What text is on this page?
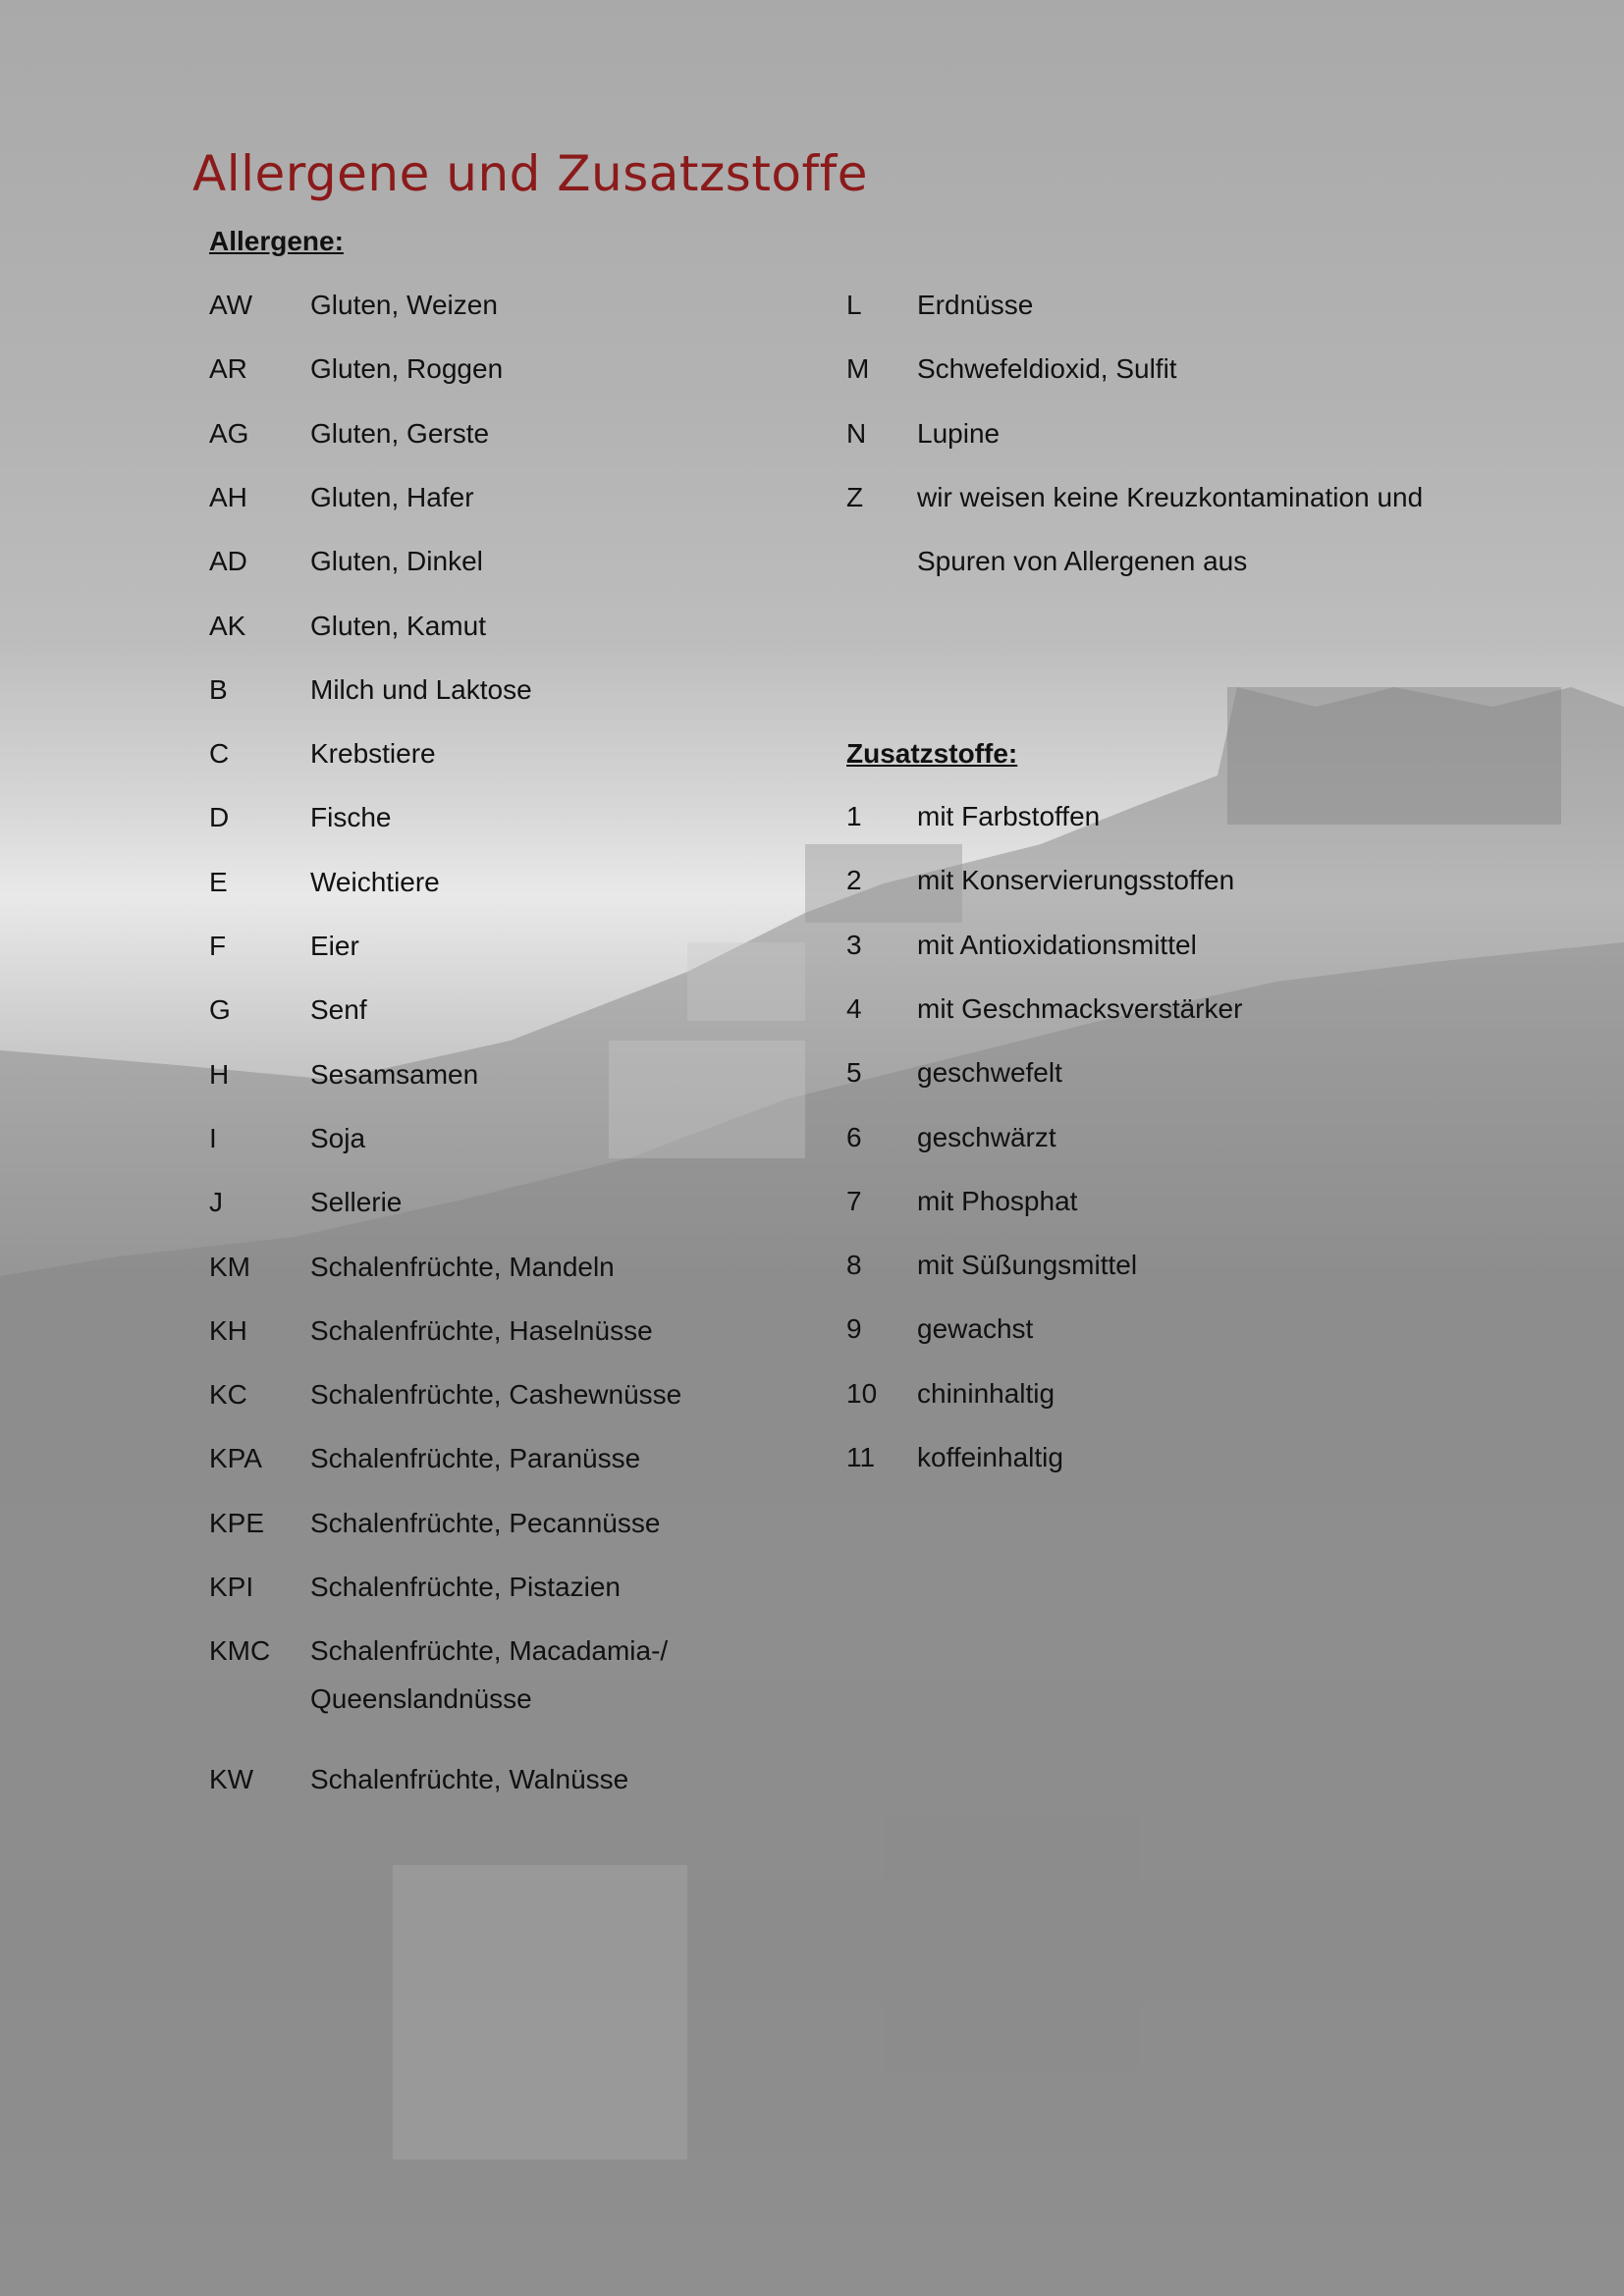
Allergene und Zusatzstoffe
Allergene:
AW Gluten, Weizen
AR Gluten, Roggen
AG Gluten, Gerste
AH Gluten, Hafer
AD Gluten, Dinkel
AK Gluten, Kamut
B	Milch und Laktose
C	Krebstiere
D	Fische
E	Weichtiere
F	Eier
G	Senf
H	Sesamsamen
I	Soja
J	Sellerie
KM Schalenfrüchte, Mandeln
KH Schalenfrüchte, Haselnüsse
KC Schalenfrüchte, Cashewnüsse
KPA Schalenfrüchte, Paranüsse
KPE Schalenfrüchte, Pecannüsse
KPI Schalenfrüchte, Pistazien
KMC Schalenfrüchte, Macadamia-/
Queenslandnüsse
KW Schalenfrüchte, Walnüsse
L Erdnüsse
M Schwefeldioxid, Sulfit
N Lupine
Z wir weisen keine Kreuzkontamination und
Spuren von Allergenen aus
Zusatzstoffe:
1 mit Farbstoffen
2 mit Konservierungsstoffen
3 mit Antioxidationsmittel
4 mit Geschmacksverstärker
5 geschwefelt
6 geschwärzt
7 mit Phosphat
8 mit Süßungsmittel
9 gewachst
10 chininhaltig
11 koffeinhaltig
